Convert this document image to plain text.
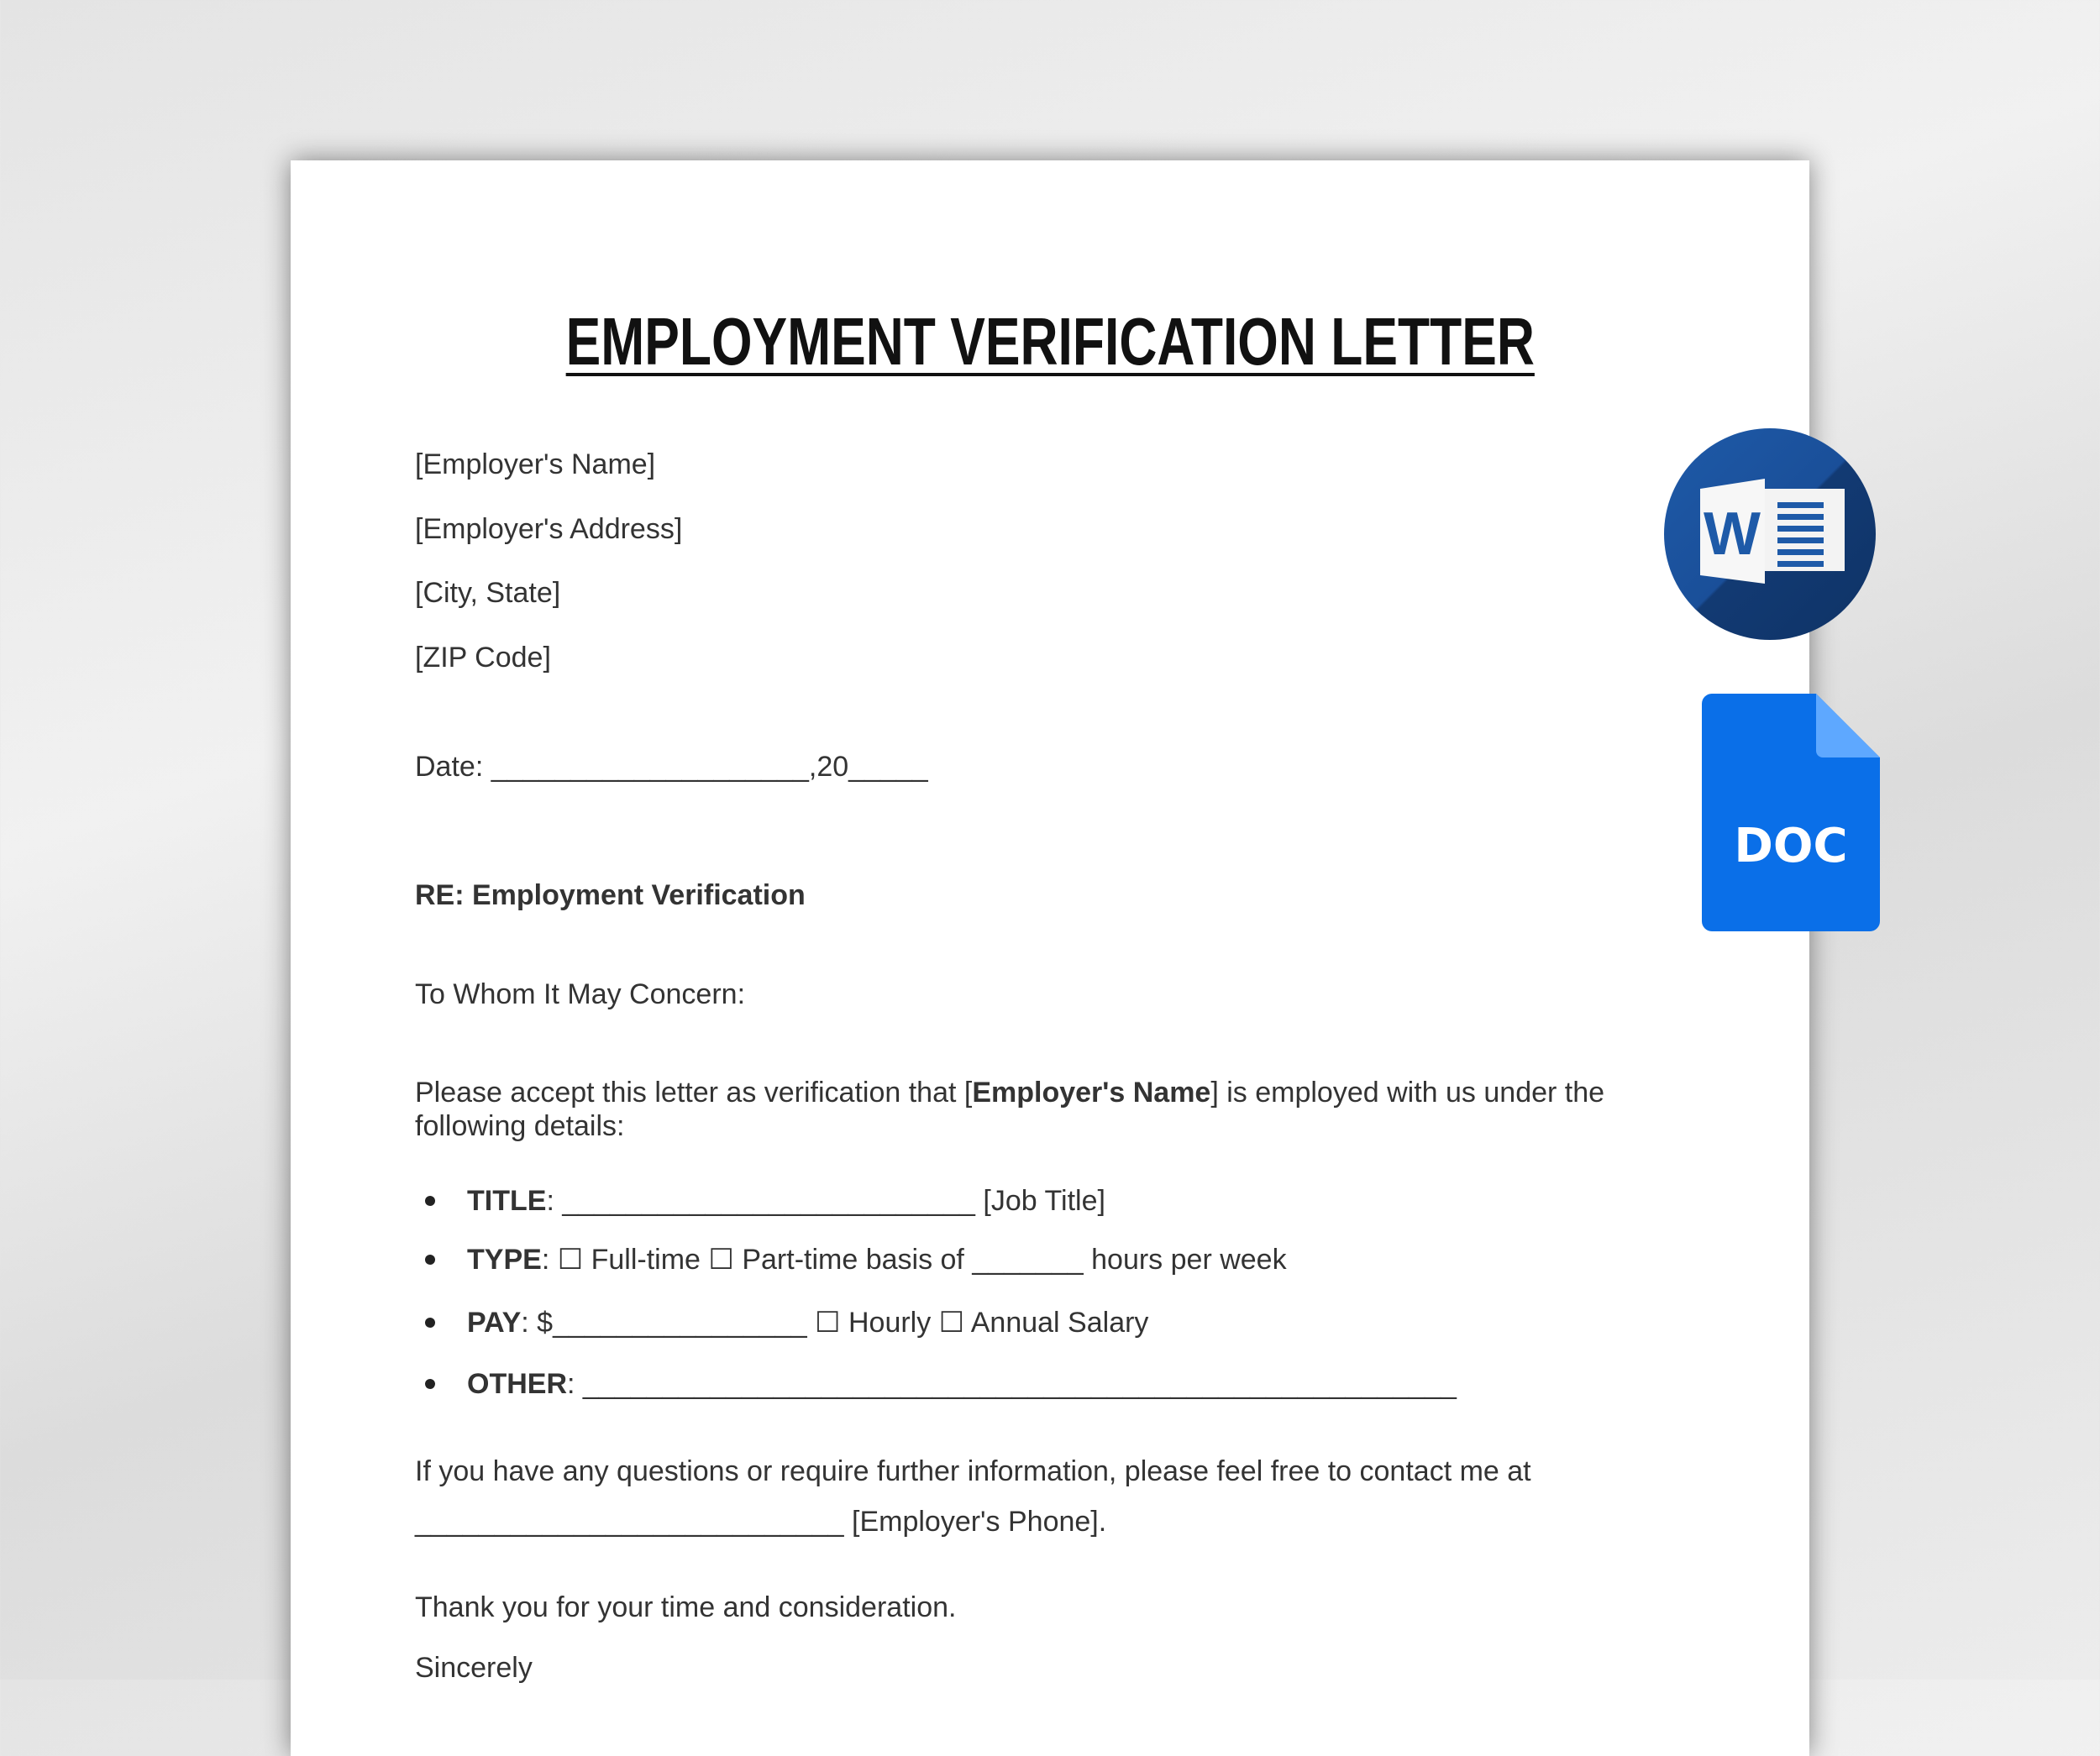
EMPLOYMENT VERIFICATION LETTER
[Employer's Name]
[Employer's Address]
[City, State]
[ZIP Code]
Date: ____________________,20_____
RE: Employment Verification
To Whom It May Concern:
Please accept this letter as verification that [Employer's Name] is employed with us under the
following details:
TITLE: __________________________ [Job Title]
TYPE: ☐ Full-time ☐ Part-time basis of _______ hours per week
PAY: $________________ ☐ Hourly ☐ Annual Salary
OTHER: _______________________________________________________
If you have any questions or require further information, please feel free to contact me at
___________________________ [Employer's Phone].
Thank you for your time and consideration.
Sincerely
W
DOC
